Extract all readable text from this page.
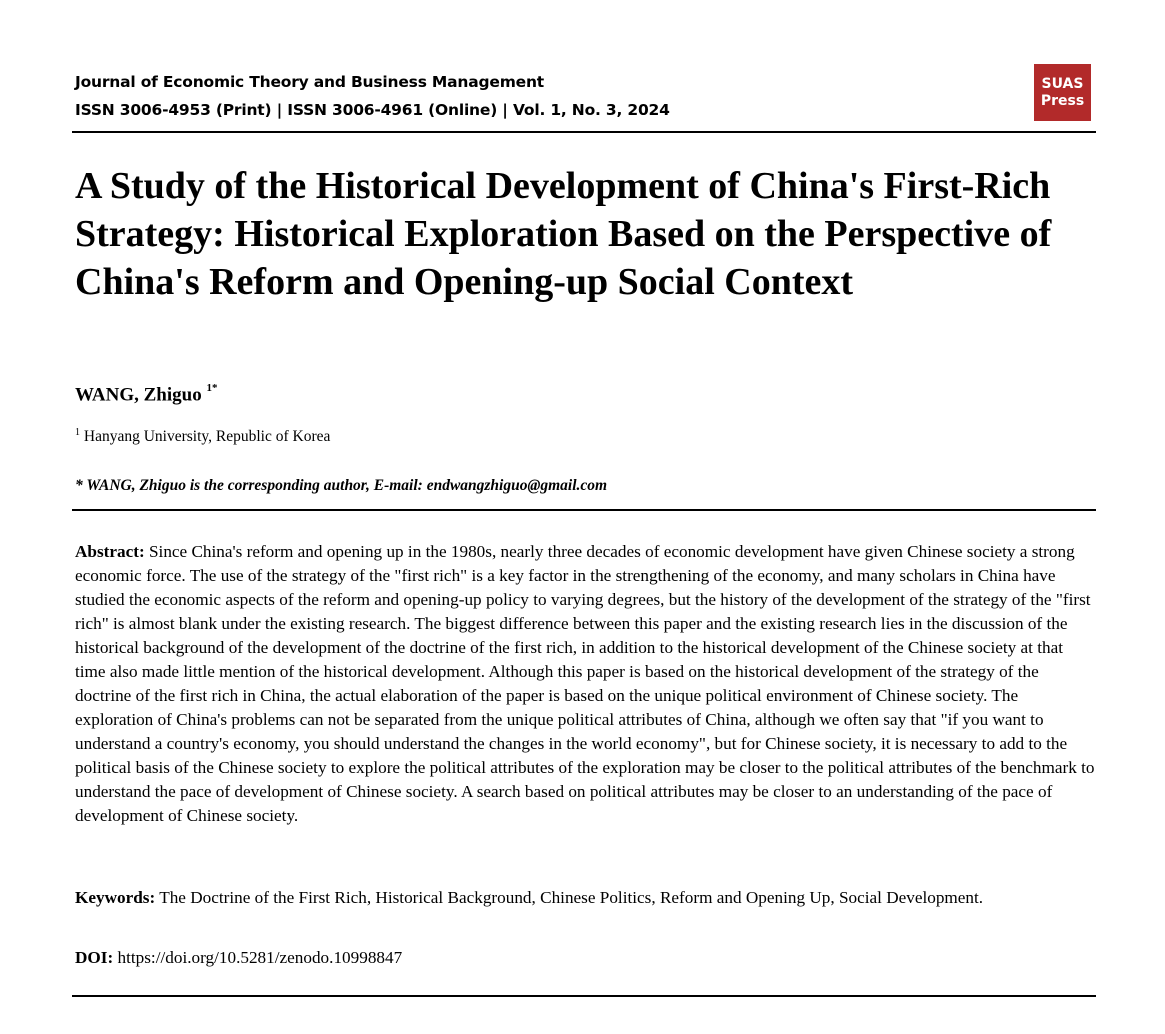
Journal of Economic Theory and Business Management
ISSN 3006-4953 (Print) | ISSN 3006-4961 (Online) | Vol. 1, No. 3, 2024
SUAS
Press
A Study of the Historical Development of China's First-Rich Strategy: Historical Exploration Based on the Perspective of China's Reform and Opening-up Social Context
WANG, Zhiguo $^{1*}$
$^1$ Hanyang University, Republic of Korea
* WANG, Zhiguo is the corresponding author, E-mail: endwangzhiguo@gmail.com

Abstract: Since China's reform and opening up in the 1980s, nearly three decades of economic development have given Chinese society a strong economic force. The use of the strategy of the "first rich" is a key factor in the strengthening of the economy, and many scholars in China have studied the economic aspects of the reform and opening-up policy to varying degrees, but the history of the development of the strategy of the "first rich" is almost blank under the existing research. The biggest difference between this paper and the existing research lies in the discussion of the historical background of the development of the doctrine of the first rich, in addition to the historical development of the Chinese society at that time also made little mention of the historical development. Although this paper is based on the historical development of the strategy of the doctrine of the first rich in China, the actual elaboration of the paper is based on the unique political environment of Chinese society. The exploration of China's problems can not be separated from the unique political attributes of China, although we often say that "if you want to understand a country's economy, you should understand the changes in the world economy", but for Chinese society, it is necessary to add to the political basis of the Chinese society to explore the political attributes of the exploration may be closer to the political attributes of the benchmark to understand the pace of development of Chinese society. A search based on political attributes may be closer to an understanding of the pace of development of Chinese society.

Keywords: The Doctrine of the First Rich, Historical Background, Chinese Politics, Reform and Opening Up, Social Development.

DOI: https://doi.org/10.5281/zenodo.10998847
